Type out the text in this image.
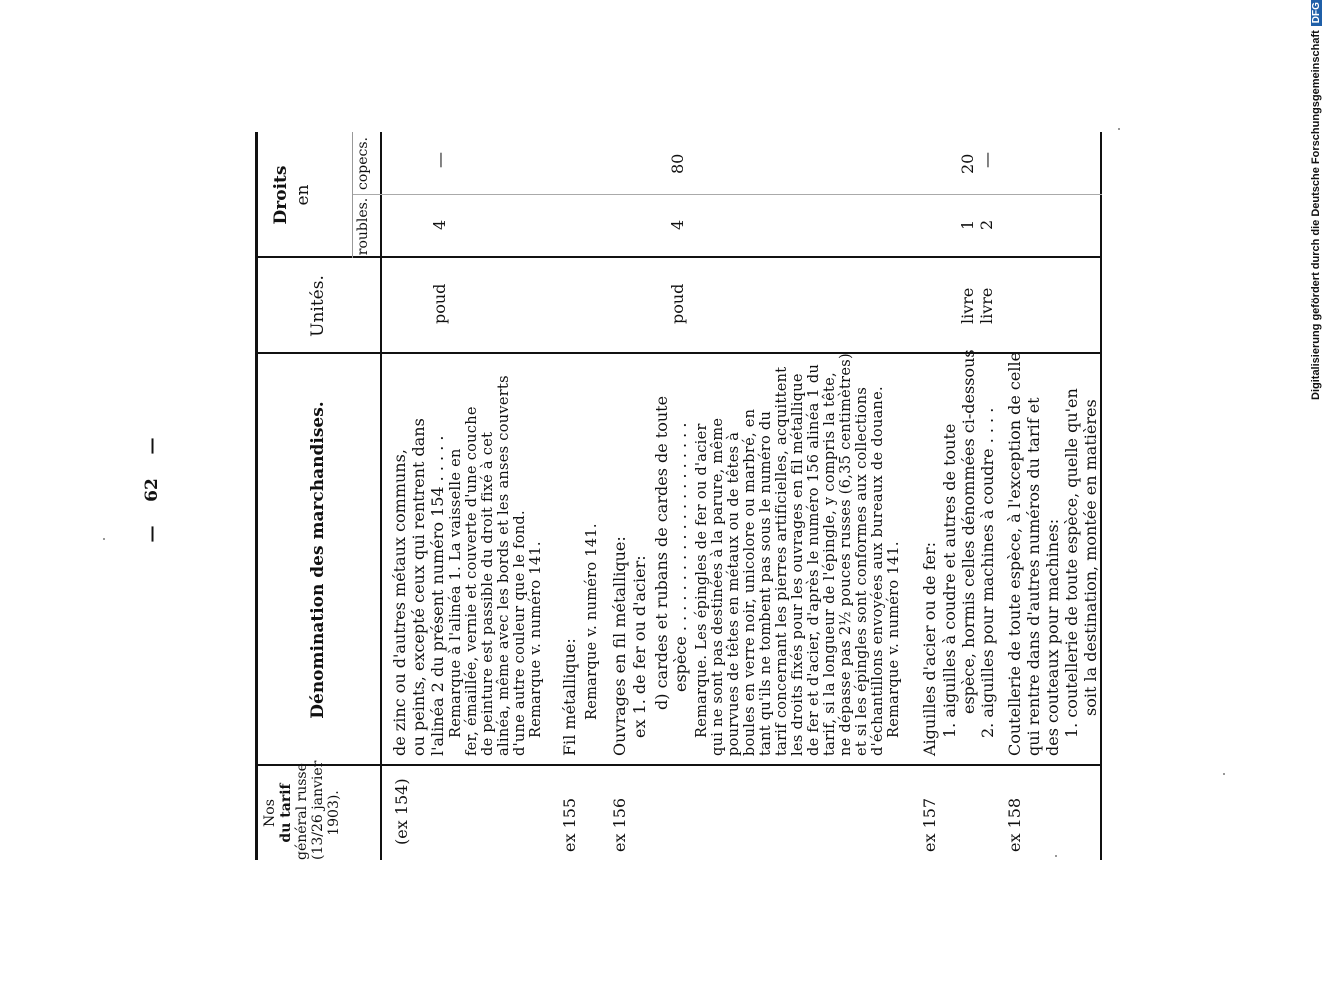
—    62    —
Nos du tarif général russe (13/26 janvier 1903).
Dénomination des marchandises.
Unités.
Droits en
roubles.
copecs.
(ex 154)
de zinc ou d'autres métaux communs, ou peints, excepté ceux qui rentrent dans l'alinéa 2 du présent numéro 154 . . . . . Remarque à l'alinéa 1. La vaisselle en fer, émaillée, vernie et couverte d'une couche de peinture est passible du droit fixé à cet alinéa, même avec les bords et les anses couverts d'une autre couleur que le fond. Remarque v. numéro 141.
poud
4
—
ex 155
Fil métallique: Remarque v. numéro 141.
ex 156
Ouvrages en fil métallique: ex 1. de fer ou d'acier: d) cardes et rubans de cardes de toute espèce . . . . . . . . . . . . . . . . . . . . . Remarque. Les épingles de fer ou d'acier qui ne sont pas destinées à la parure, même pourvues de têtes en métaux ou de têtes à boules en verre noir, unicolore ou marbré, en tant qu'ils ne tombent pas sous le numéro du tarif concernant les pierres artificielles, acquittent les droits fixés pour les ouvrages en fil métallique de fer et d'acier, d'après le numéro 156 alinéa 1 du tarif, si la longueur de l'épingle, y compris la tête, ne dépasse pas 2½ pouces russes (6,35 centimètres) et si les épingles sont conformes aux collections d'échantillons envoyées aux bureaux de douane. Remarque v. numéro 141.
poud
4
80
ex 157
Aiguilles d'acier ou de fer: 1. aiguilles à coudre et autres de toute espèce, hormis celles dénommées ci-dessous 2. aiguilles pour machines à coudre . . . .
livre livre
1 2
20 —
ex 158
Coutellerie de toute espèce, à l'exception de celle qui rentre dans d'autres numéros du tarif et des couteaux pour machines: 1. coutellerie de toute espèce, quelle qu'en soit la destination, montée en matières
Digitalisierung gefördert durch die Deutsche ForschungsgemeinschaftDFG
